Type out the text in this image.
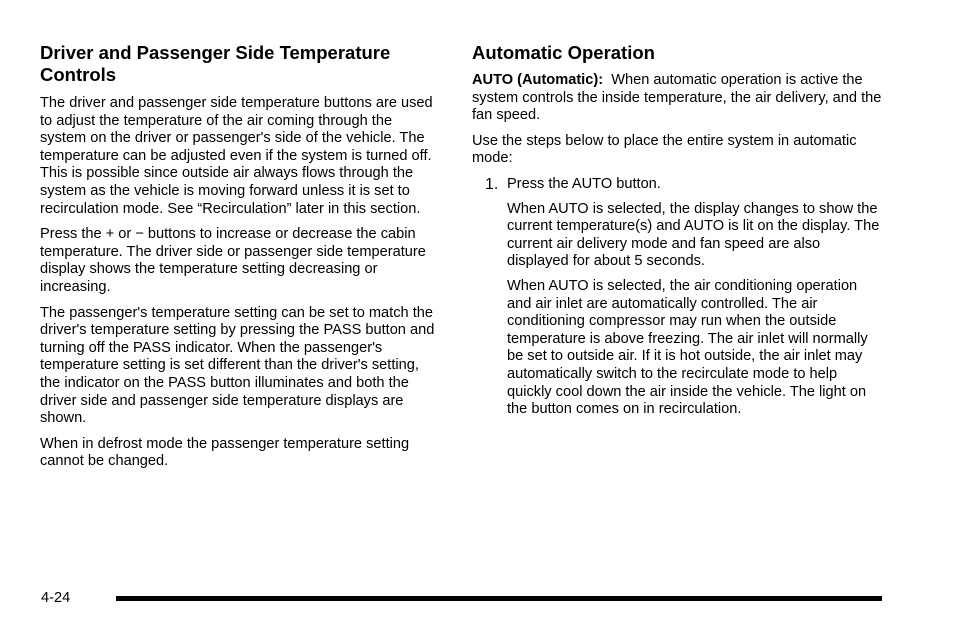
Driver and Passenger Side Temperature Controls

The driver and passenger side temperature buttons are used to adjust the temperature of the air coming through the system on the driver or passenger's side of the vehicle. The temperature can be adjusted even if the system is turned off. This is possible since outside air always flows through the system as the vehicle is moving forward unless it is set to recirculation mode. See “Recirculation” later in this section.

Press the + or − buttons to increase or decrease the cabin temperature. The driver side or passenger side temperature display shows the temperature setting decreasing or increasing.

The passenger's temperature setting can be set to match the driver's temperature setting by pressing the PASS button and turning off the PASS indicator. When the passenger's temperature setting is set different than the driver's setting, the indicator on the PASS button illuminates and both the driver side and passenger side temperature displays are shown.

When in defrost mode the passenger temperature setting cannot be changed.

Automatic Operation

AUTO (Automatic): When automatic operation is active the system controls the inside temperature, the air delivery, and the fan speed.

Use the steps below to place the entire system in automatic mode:

1. Press the AUTO button.

When AUTO is selected, the display changes to show the current temperature(s) and AUTO is lit on the display. The current air delivery mode and fan speed are also displayed for about 5 seconds.

When AUTO is selected, the air conditioning operation and air inlet are automatically controlled. The air conditioning compressor may run when the outside temperature is above freezing. The air inlet will normally be set to outside air. If it is hot outside, the air inlet may automatically switch to the recirculate mode to help quickly cool down the air inside the vehicle. The light on the button comes on in recirculation.

4-24
